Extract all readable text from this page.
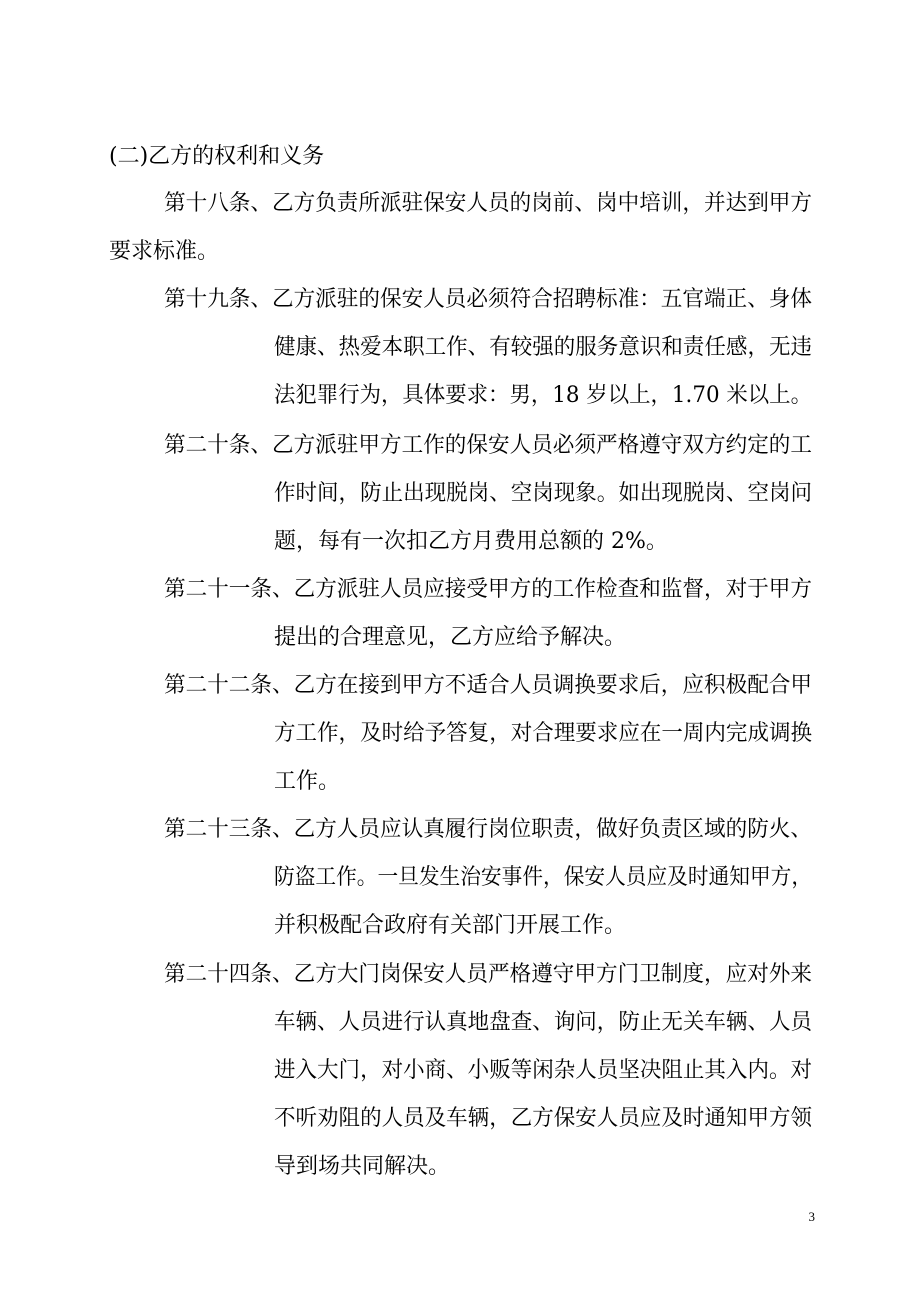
(二)乙方的权利和义务
第十八条、乙方负责所派驻保安人员的岗前、岗中培训，并达到甲方
要求标准。
第十九条、乙方派驻的保安人员必须符合招聘标准：五官端正、身体
健康、热爱本职工作、有较强的服务意识和责任感，无违
法犯罪行为，具体要求：男，18 岁以上，1.70 米以上。
第二十条、乙方派驻甲方工作的保安人员必须严格遵守双方约定的工
作时间，防止出现脱岗、空岗现象。如出现脱岗、空岗问
题，每有一次扣乙方月费用总额的 2%。
第二十一条、乙方派驻人员应接受甲方的工作检查和监督，对于甲方
提出的合理意见，乙方应给予解决。
第二十二条、乙方在接到甲方不适合人员调换要求后，应积极配合甲
方工作，及时给予答复，对合理要求应在一周内完成调换
工作。
第二十三条、乙方人员应认真履行岗位职责，做好负责区域的防火、
防盗工作。一旦发生治安事件，保安人员应及时通知甲方，
并积极配合政府有关部门开展工作。
第二十四条、乙方大门岗保安人员严格遵守甲方门卫制度，应对外来
车辆、人员进行认真地盘查、询问，防止无关车辆、人员
进入大门，对小商、小贩等闲杂人员坚决阻止其入内。对
不听劝阻的人员及车辆，乙方保安人员应及时通知甲方领
导到场共同解决。
3
